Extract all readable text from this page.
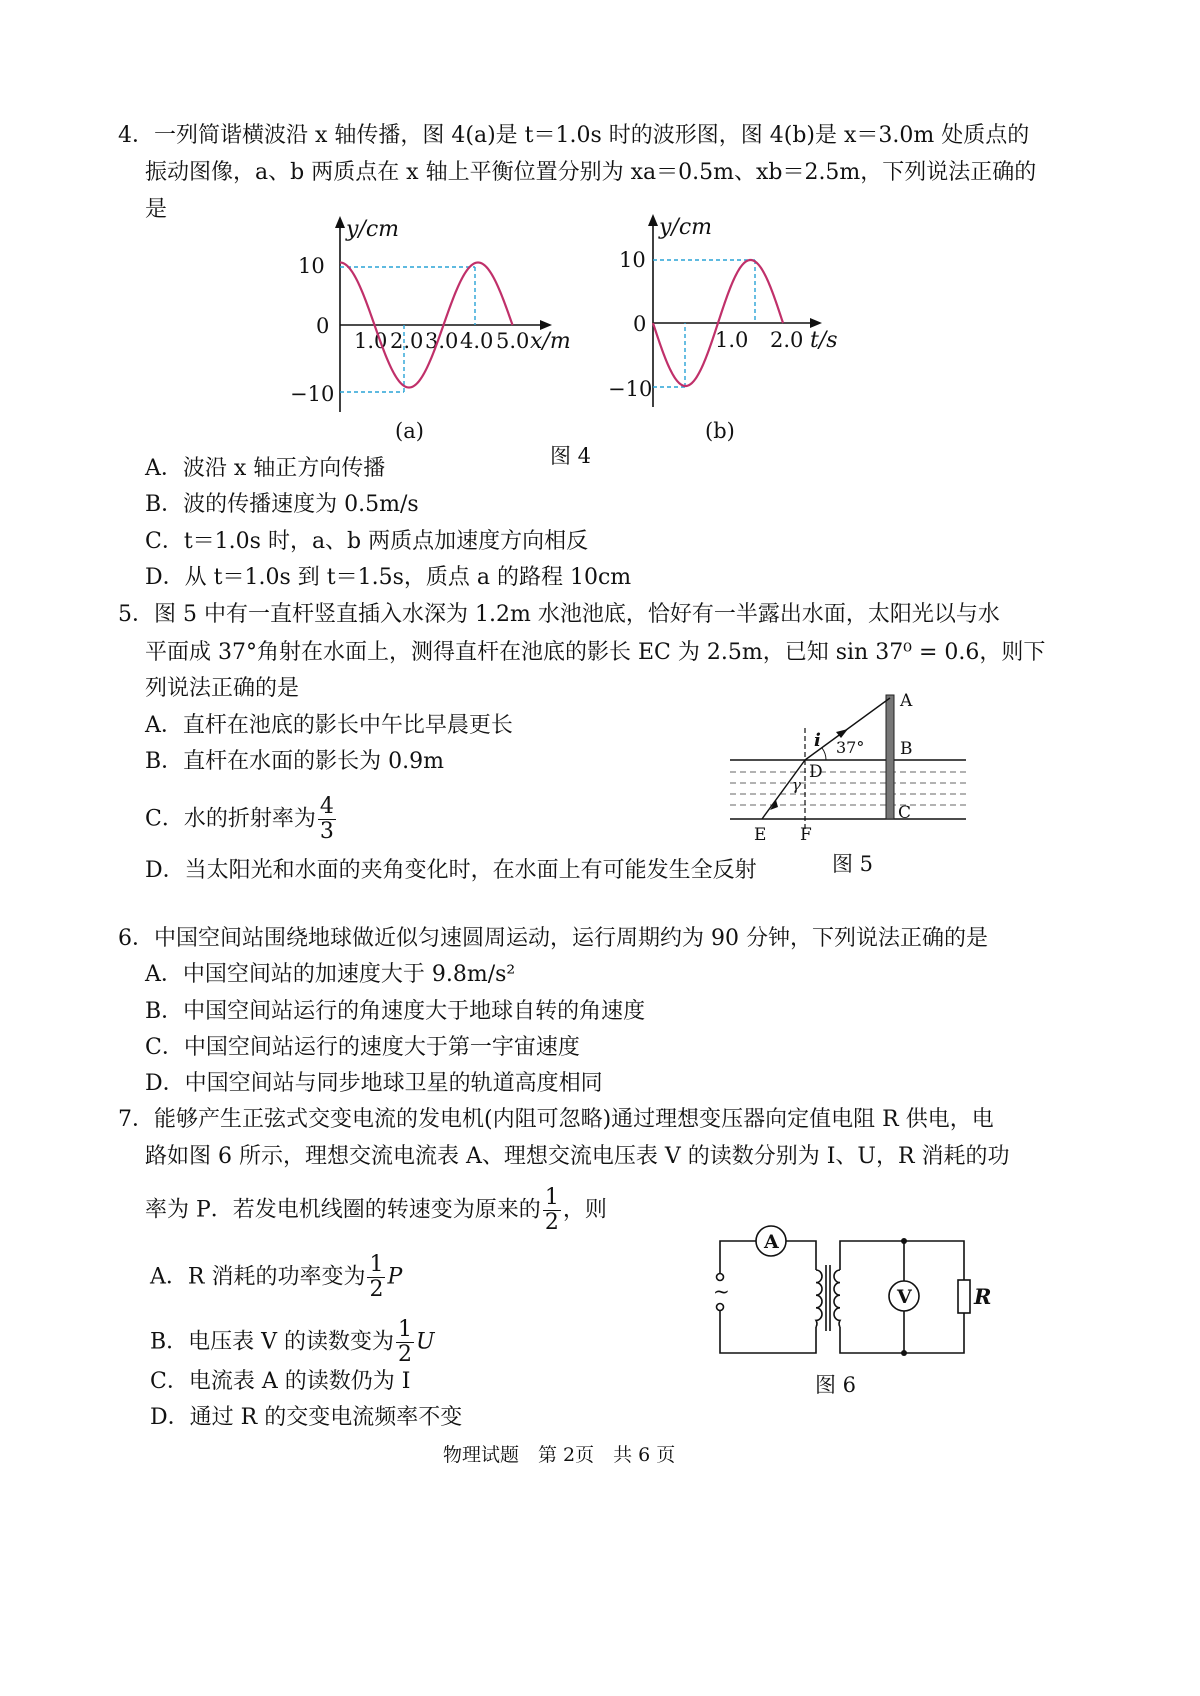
4．一列简谐横波沿 x 轴传播，图 4(a)是 t＝1.0s 时的波形图，图 4(b)是 x＝3.0m 处质点的
振动图像，a、b 两质点在 x 轴上平衡位置分别为 xa＝0.5m、xb＝2.5m，下列说法正确的
是
y/cm
10
0
−10
1.0 2.0 3.0 4.0 5.0 x/m
(a)
y/cm
10
0
−10
1.0 2.0 t/s
(b)
图 4
A．波沿 x 轴正方向传播
B．波的传播速度为 0.5m/s
C．t＝1.0s 时，a、b 两质点加速度方向相反
D．从 t＝1.0s 到 t＝1.5s，质点 a 的路程 10cm
5．图 5 中有一直杆竖直插入水深为 1.2m 水池池底，恰好有一半露出水面，太阳光以与水
平面成 37°角射在水面上，测得直杆在池底的影长 EC 为 2.5m，已知 sin 37⁰ = 0.6，则下
列说法正确的是
A．直杆在池底的影长中午比早晨更长
B．直杆在水面的影长为 0.9m
C．水的折射率为 $\frac{4}{3}$
D．当太阳光和水面的夹角变化时，在水面上有可能发生全反射
A
B
C
D
E F
i
γ
37°
图 5
6．中国空间站围绕地球做近似匀速圆周运动，运行周期约为 90 分钟，下列说法正确的是
A．中国空间站的加速度大于 9.8m/s²
B．中国空间站运行的角速度大于地球自转的角速度
C．中国空间站运行的速度大于第一宇宙速度
D．中国空间站与同步地球卫星的轨道高度相同
7．能够产生正弦式交变电流的发电机(内阻可忽略)通过理想变压器向定值电阻 R 供电，电
路如图 6 所示，理想交流电流表 A、理想交流电压表 V 的读数分别为 I、U，R 消耗的功
率为 P．若发电机线圈的转速变为原来的 $\frac{1}{2}$ ，则
A．R 消耗的功率变为 $\frac{1}{2}$ P
B．电压表 V 的读数变为 $\frac{1}{2}$ U
C．电流表 A 的读数仍为 I
D．通过 R 的交变电流频率不变
A
V	R
~
图 6
物理试题　第 2页　共 6 页
